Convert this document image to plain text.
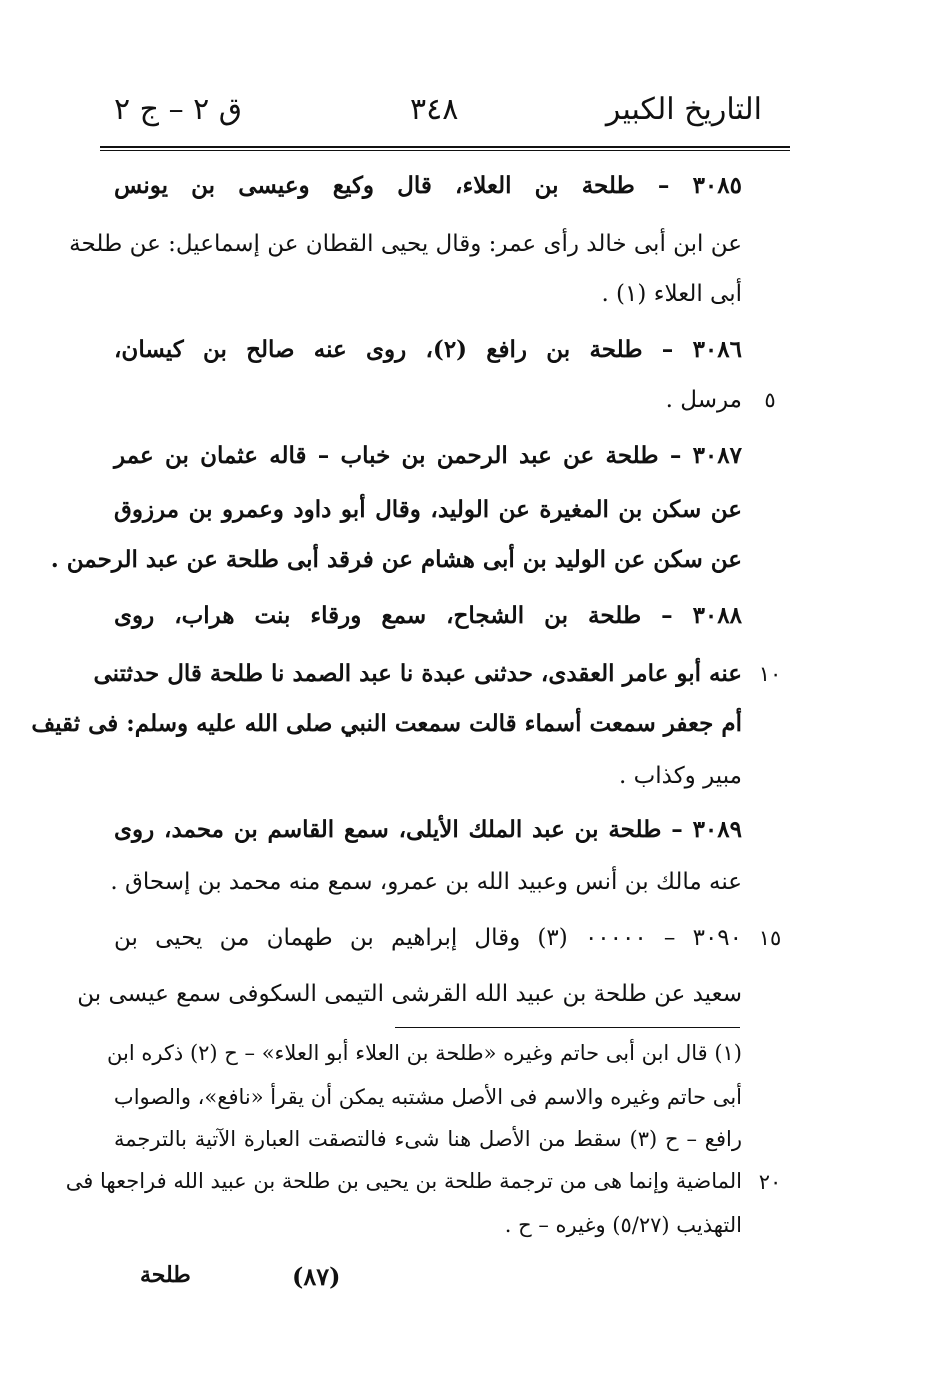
التاريخ الكبير
٣٤٨
ق ٢ – ج ٢
٣٠٨٥ – طلحة بن العلاء، قال وكيع وعيسى بن يونس
عن ابن أبى خالد رأى عمر: وقال يحيى القطان عن إسماعيل: عن طلحة
أبى العلاء (١) .
٣٠٨٦ – طلحة بن رافع (٢)، روى عنه صالح بن كيسان،
مرسل .	٥
٣٠٨٧ – طلحة عن عبد الرحمن بن خباب – قاله عثمان بن عمر
عن سكن بن المغيرة عن الوليد، وقال أبو داود وعمرو بن مرزوق
عن سكن عن الوليد بن أبى هشام عن فرقد أبى طلحة عن عبد الرحمن .
٣٠٨٨ – طلحة بن الشجاح، سمع ورقاء بنت هراب، روى
عنه أبو عامر العقدى، حدثنى عبدة نا عبد الصمد نا طلحة قال حدثتنى ١٠
أم جعفر سمعت أسماء قالت سمعت النبي صلى الله عليه وسلم: فى ثقيف
مبير وكذاب .
٣٠٨٩ – طلحة بن عبد الملك الأيلى، سمع القاسم بن محمد، روى
عنه مالك بن أنس وعبيد الله بن عمرو، سمع منه محمد بن إسحاق .
٣٠٩٠ – ٠٠٠٠٠ (٣) وقال إبراهيم بن طهمان من يحيى بن ١٥
سعيد عن طلحة بن عبيد الله القرشى التيمى السكوفى سمع عيسى بن
(١) قال ابن أبى حاتم وغيره «طلحة بن العلاء أبو العلاء» – ح (٢) ذكره ابن
أبى حاتم وغيره والاسم فى الأصل مشتبه يمكن أن يقرأ «نافع»، والصواب
رافع – ح (٣) سقط من الأصل هنا شىء فالتصقت العبارة الآتية بالترجمة
الماضية وإنما هى من ترجمة طلحة بن يحيى بن طلحة بن عبيد الله فراجعها فى ٢٠
التهذيب (٥/٢٧) وغيره – ح .
طلحة	(٨٧)
